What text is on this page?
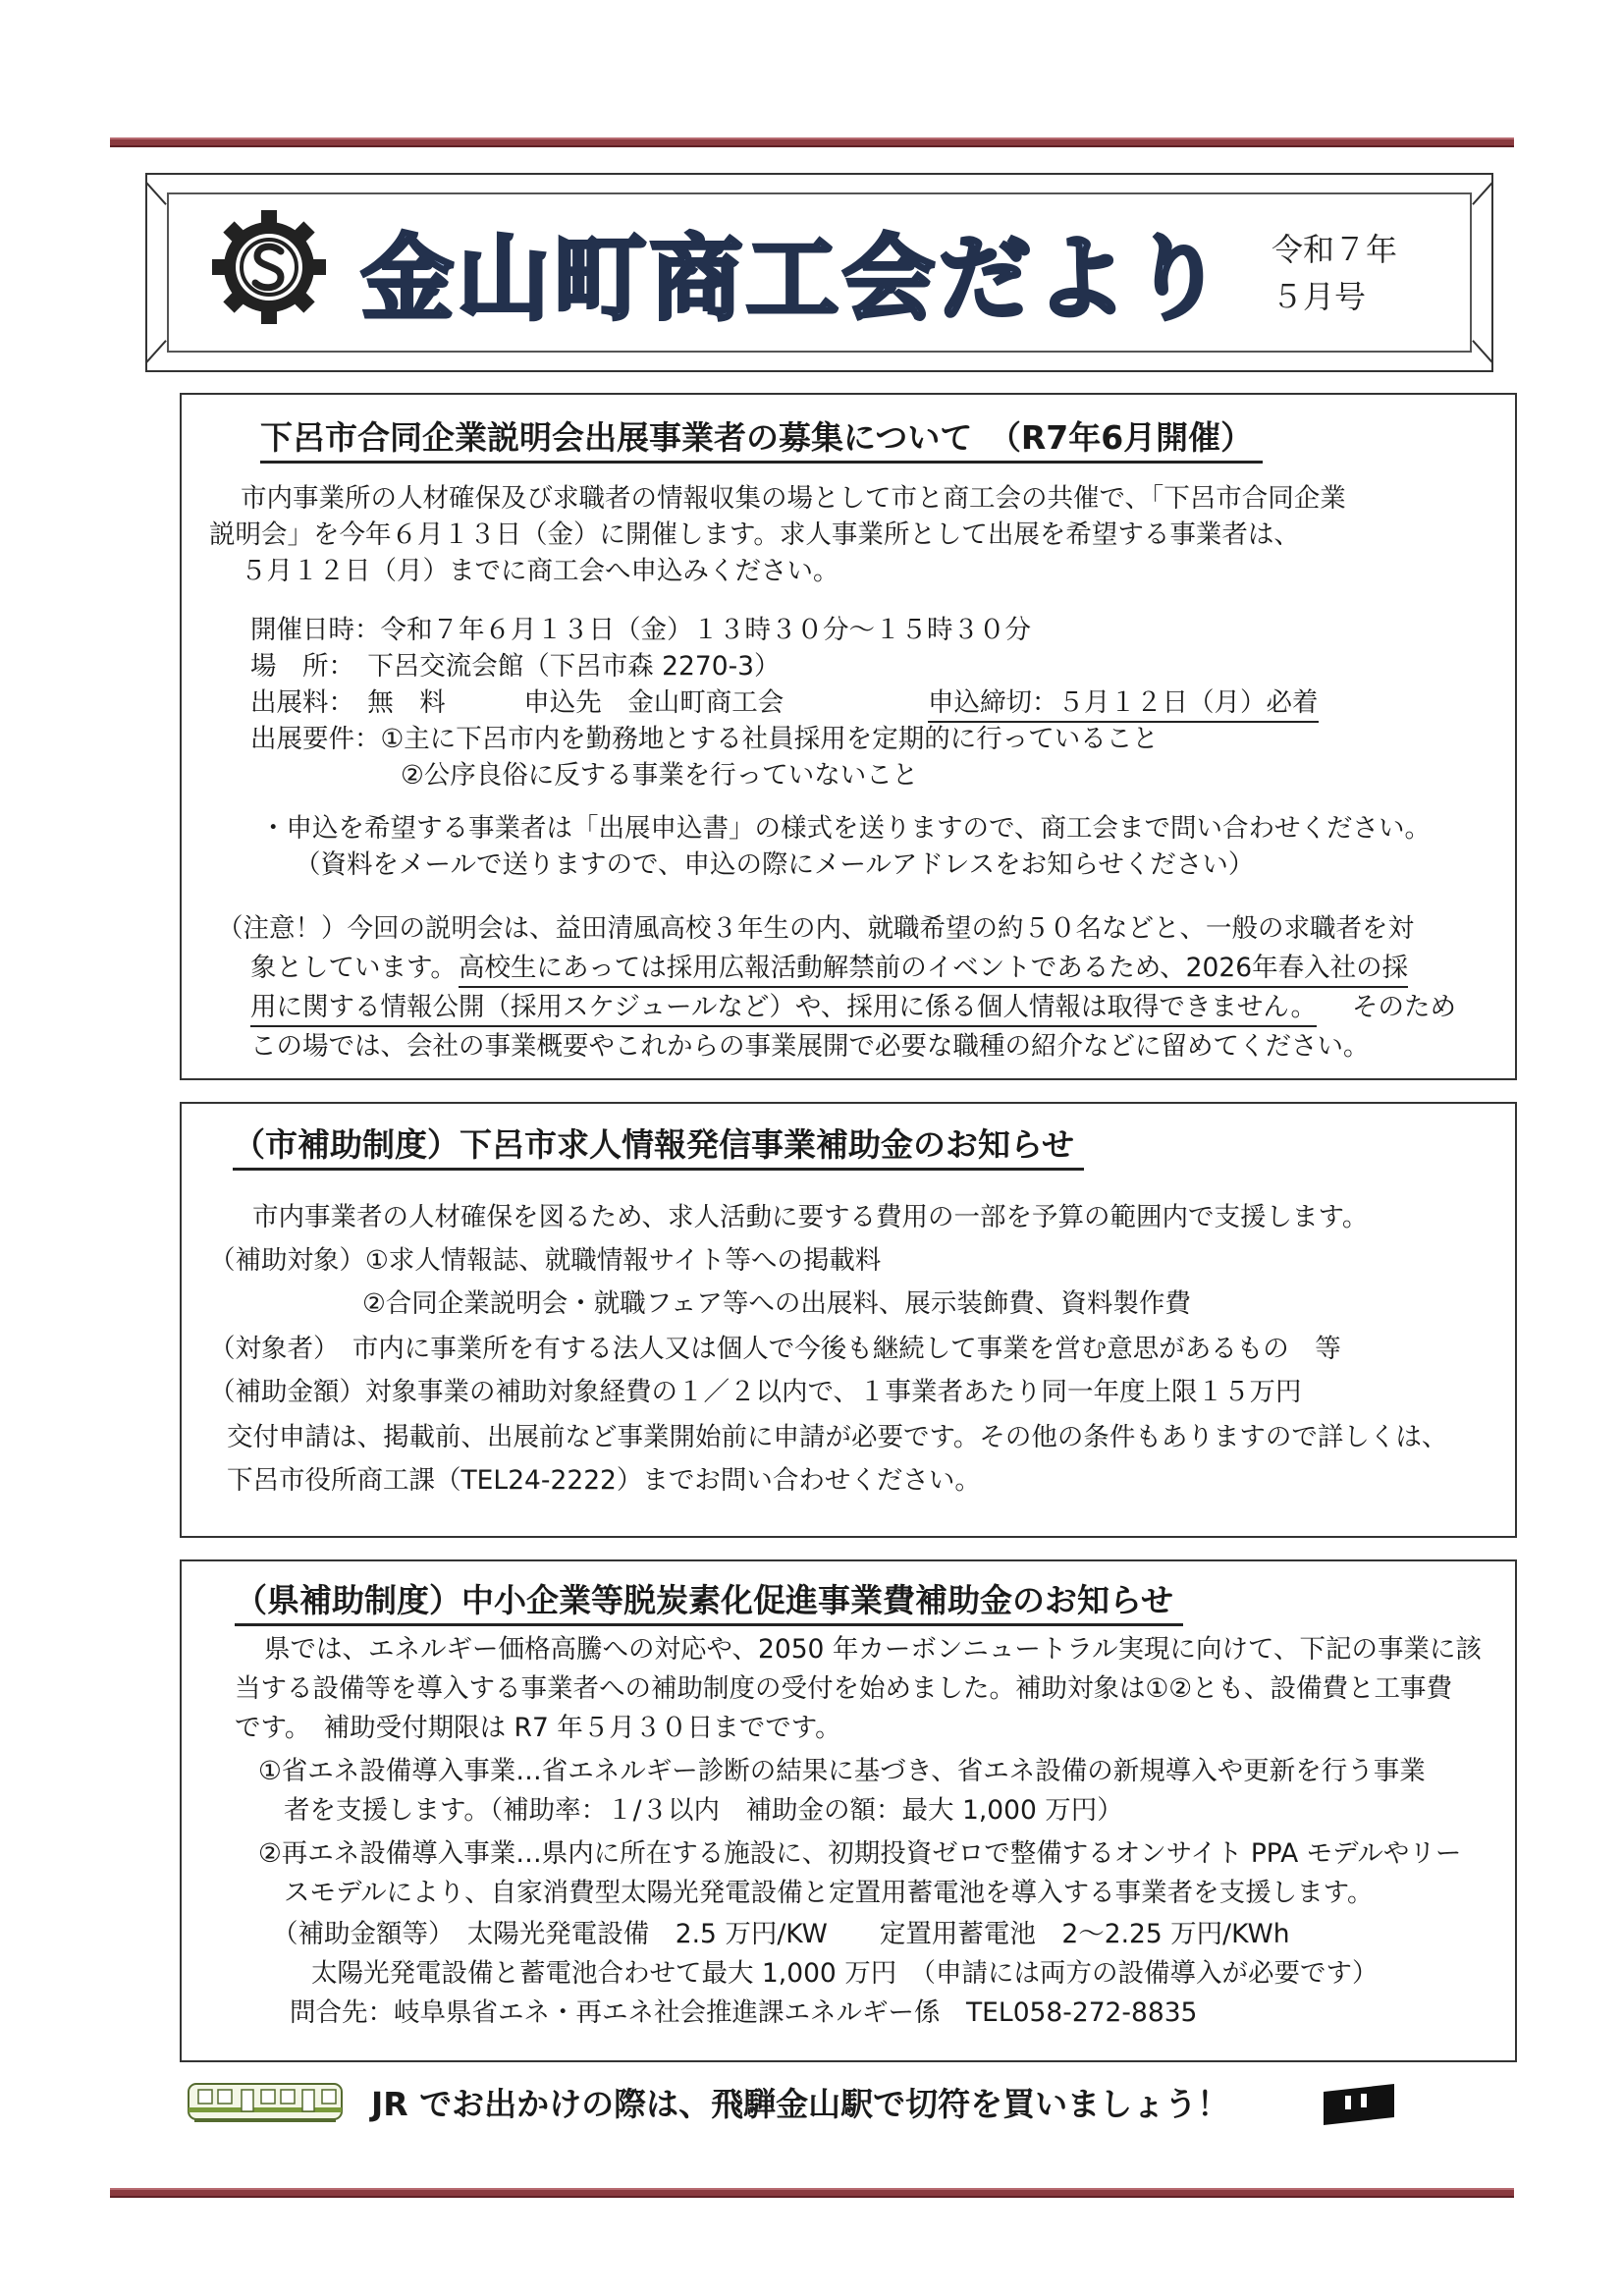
金山町商工会だより 令和７年
５月号
下呂市合同企業説明会出展事業者の募集について　（R7年6月開催）
市内事業所の人材確保及び求職者の情報収集の場として市と商工会の共催で、「下呂市合同企業
説明会」を今年６月１３日（金）に開催します。求人事業所として出展を希望する事業者は、
５月１２日（月）までに商工会へ申込みください。
開催日時：令和７年６月１３日（金）１３時３０分～１５時３０分
場　所：　下呂交流会館（下呂市森 2270-3）
出展料：　無　料　　　申込先　金山町商工会	申込締切：５月１２日（月）必着
出展要件：①主に下呂市内を勤務地とする社員採用を定期的に行っていること
②公序良俗に反する事業を行っていないこと
・申込を希望する事業者は「出展申込書」の様式を送りますので、商工会まで問い合わせください。
（資料をメールで送りますので、申込の際にメールアドレスをお知らせください）
（注意！）今回の説明会は、益田清風高校３年生の内、就職希望の約５０名などと、一般の求職者を対
象としています。 高校生にあっては採用広報活動解禁前のイベントであるため、2026年春入社の採
用に関する情報公開（採用スケジュールなど）や、採用に係る個人情報は取得できません。 そのため
この場では、会社の事業概要やこれからの事業展開で必要な職種の紹介などに留めてください。
（市補助制度）下呂市求人情報発信事業補助金のお知らせ
市内事業者の人材確保を図るため、求人活動に要する費用の一部を予算の範囲内で支援します。
（補助対象）①求人情報誌、就職情報サイト等への掲載料
②合同企業説明会・就職フェア等への出展料、展示装飾費、資料製作費
（対象者）　市内に事業所を有する法人又は個人で今後も継続して事業を営む意思があるもの　等
（補助金額）対象事業の補助対象経費の１／２以内で、１事業者あたり同一年度上限１５万円
交付申請は、掲載前、出展前など事業開始前に申請が必要です。その他の条件もありますので詳しくは、
下呂市役所商工課（TEL24-2222）までお問い合わせください。
（県補助制度）中小企業等脱炭素化促進事業費補助金のお知らせ
県では、エネルギー価格高騰への対応や、2050 年カーボンニュートラル実現に向けて、下記の事業に該
当する設備等を導入する事業者への補助制度の受付を始めました。補助対象は①②とも、設備費と工事費
です。　補助受付期限は R7 年５月３０日までです。
①省エネ設備導入事業…省エネルギー診断の結果に基づき、省エネ設備の新規導入や更新を行う事業
者を支援します。（補助率：１/３以内　補助金の額：最大 1,000 万円）
②再エネ設備導入事業…県内に所在する施設に、初期投資ゼロで整備するオンサイト PPA モデルやリー
スモデルにより、自家消費型太陽光発電設備と定置用蓄電池を導入する事業者を支援します。
（補助金額等）　太陽光発電設備　2.5 万円/KW　　定置用蓄電池　2～2.25 万円/KWh
太陽光発電設備と蓄電池合わせて最大 1,000 万円　（申請には両方の設備導入が必要です）
問合先：岐阜県省エネ・再エネ社会推進課エネルギー係　TEL058-272-8835
JR でお出かけの際は、飛騨金山駅で切符を買いましょう！
